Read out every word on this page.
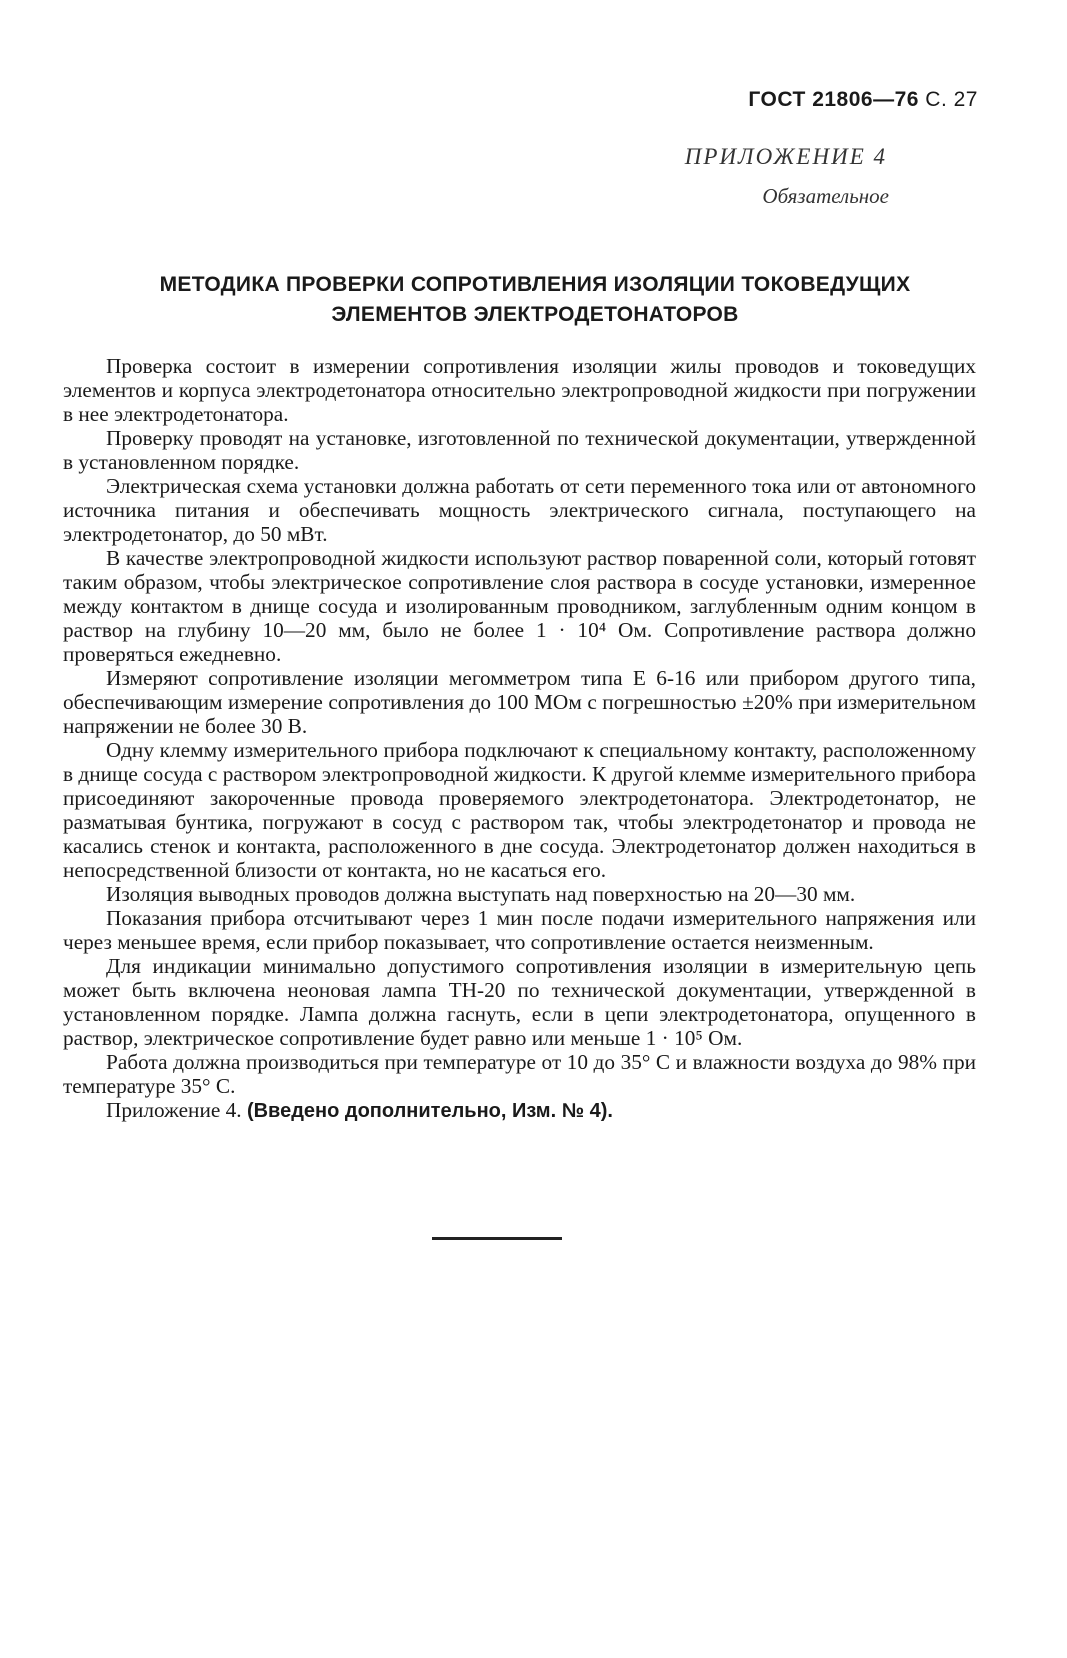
ГОСТ 21806—76 С. 27
ПРИЛОЖЕНИЕ 4
Обязательное
МЕТОДИКА ПРОВЕРКИ СОПРОТИВЛЕНИЯ ИЗОЛЯЦИИ ТОКОВЕДУЩИХ
ЭЛЕМЕНТОВ ЭЛЕКТРОДЕТОНАТОРОВ

Проверка состоит в измерении сопротивления изоляции жилы проводов и токоведущих элементов и корпуса электродетонатора относительно электропроводной жидкости при погружении в нее электродетонатора.

Проверку проводят на установке, изготовленной по технической документации, утвержденной в установленном порядке.

Электрическая схема установки должна работать от сети переменного тока или от автономного источника питания и обеспечивать мощность электрического сигнала, поступающего на электродетонатор, до 50 мВт.

В качестве электропроводной жидкости используют раствор поваренной соли, который готовят таким образом, чтобы электрическое сопротивление слоя раствора в сосуде установки, измеренное между контактом в днище сосуда и изолированным проводником, заглубленным одним концом в раствор на глубину 10—20 мм, было не более 1 · 10⁴ Ом. Сопротивление раствора должно проверяться ежедневно.

Измеряют сопротивление изоляции мегомметром типа Е 6-16 или прибором другого типа, обеспечивающим измерение сопротивления до 100 МОм с погрешностью ±20% при измерительном напряжении не более 30 В.

Одну клемму измерительного прибора подключают к специальному контакту, расположенному в днище сосуда с раствором электропроводной жидкости. К другой клемме измерительного прибора присоединяют закороченные провода проверяемого электродетонатора. Электродетонатор, не разматывая бунтика, погружают в сосуд с раствором так, чтобы электродетонатор и провода не касались стенок и контакта, расположенного в дне сосуда. Электродетонатор должен находиться в непосредственной близости от контакта, но не касаться его.

Изоляция выводных проводов должна выступать над поверхностью на 20—30 мм.

Показания прибора отсчитывают через 1 мин после подачи измерительного напряжения или через меньшее время, если прибор показывает, что сопротивление остается неизменным.

Для индикации минимально допустимого сопротивления изоляции в измерительную цепь может быть включена неоновая лампа ТН-20 по технической документации, утвержденной в установленном порядке. Лампа должна гаснуть, если в цепи электродетонатора, опущенного в раствор, электрическое сопротивление будет равно или меньше 1 · 10⁵ Ом.

Работа должна производиться при температуре от 10 до 35° С и влажности воздуха до 98% при температуре 35° С.

Приложение 4. (Введено дополнительно, Изм. № 4).
